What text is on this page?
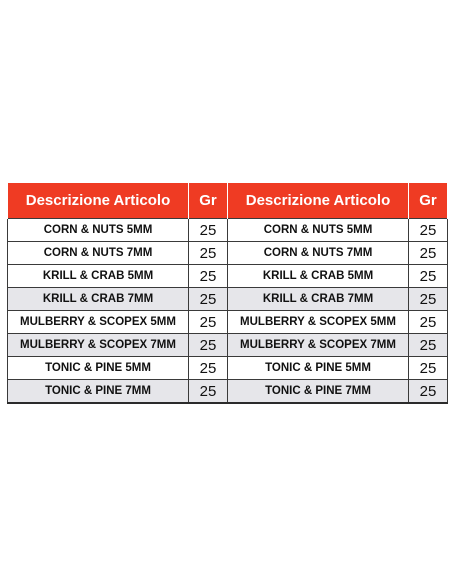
Descrizione Articolo	Gr	Descrizione Articolo	Gr
CORN & NUTS 5MM	25	CORN & NUTS 5MM	25
CORN & NUTS 7MM	25	CORN & NUTS 7MM	25
KRILL & CRAB 5MM	25	KRILL & CRAB 5MM	25
KRILL & CRAB 7MM	25	KRILL & CRAB 7MM	25
MULBERRY & SCOPEX 5MM	25	MULBERRY & SCOPEX 5MM	25
MULBERRY & SCOPEX 7MM	25	MULBERRY & SCOPEX 7MM	25
TONIC & PINE 5MM	25	TONIC & PINE 5MM	25
TONIC & PINE 7MM	25	TONIC & PINE 7MM	25
